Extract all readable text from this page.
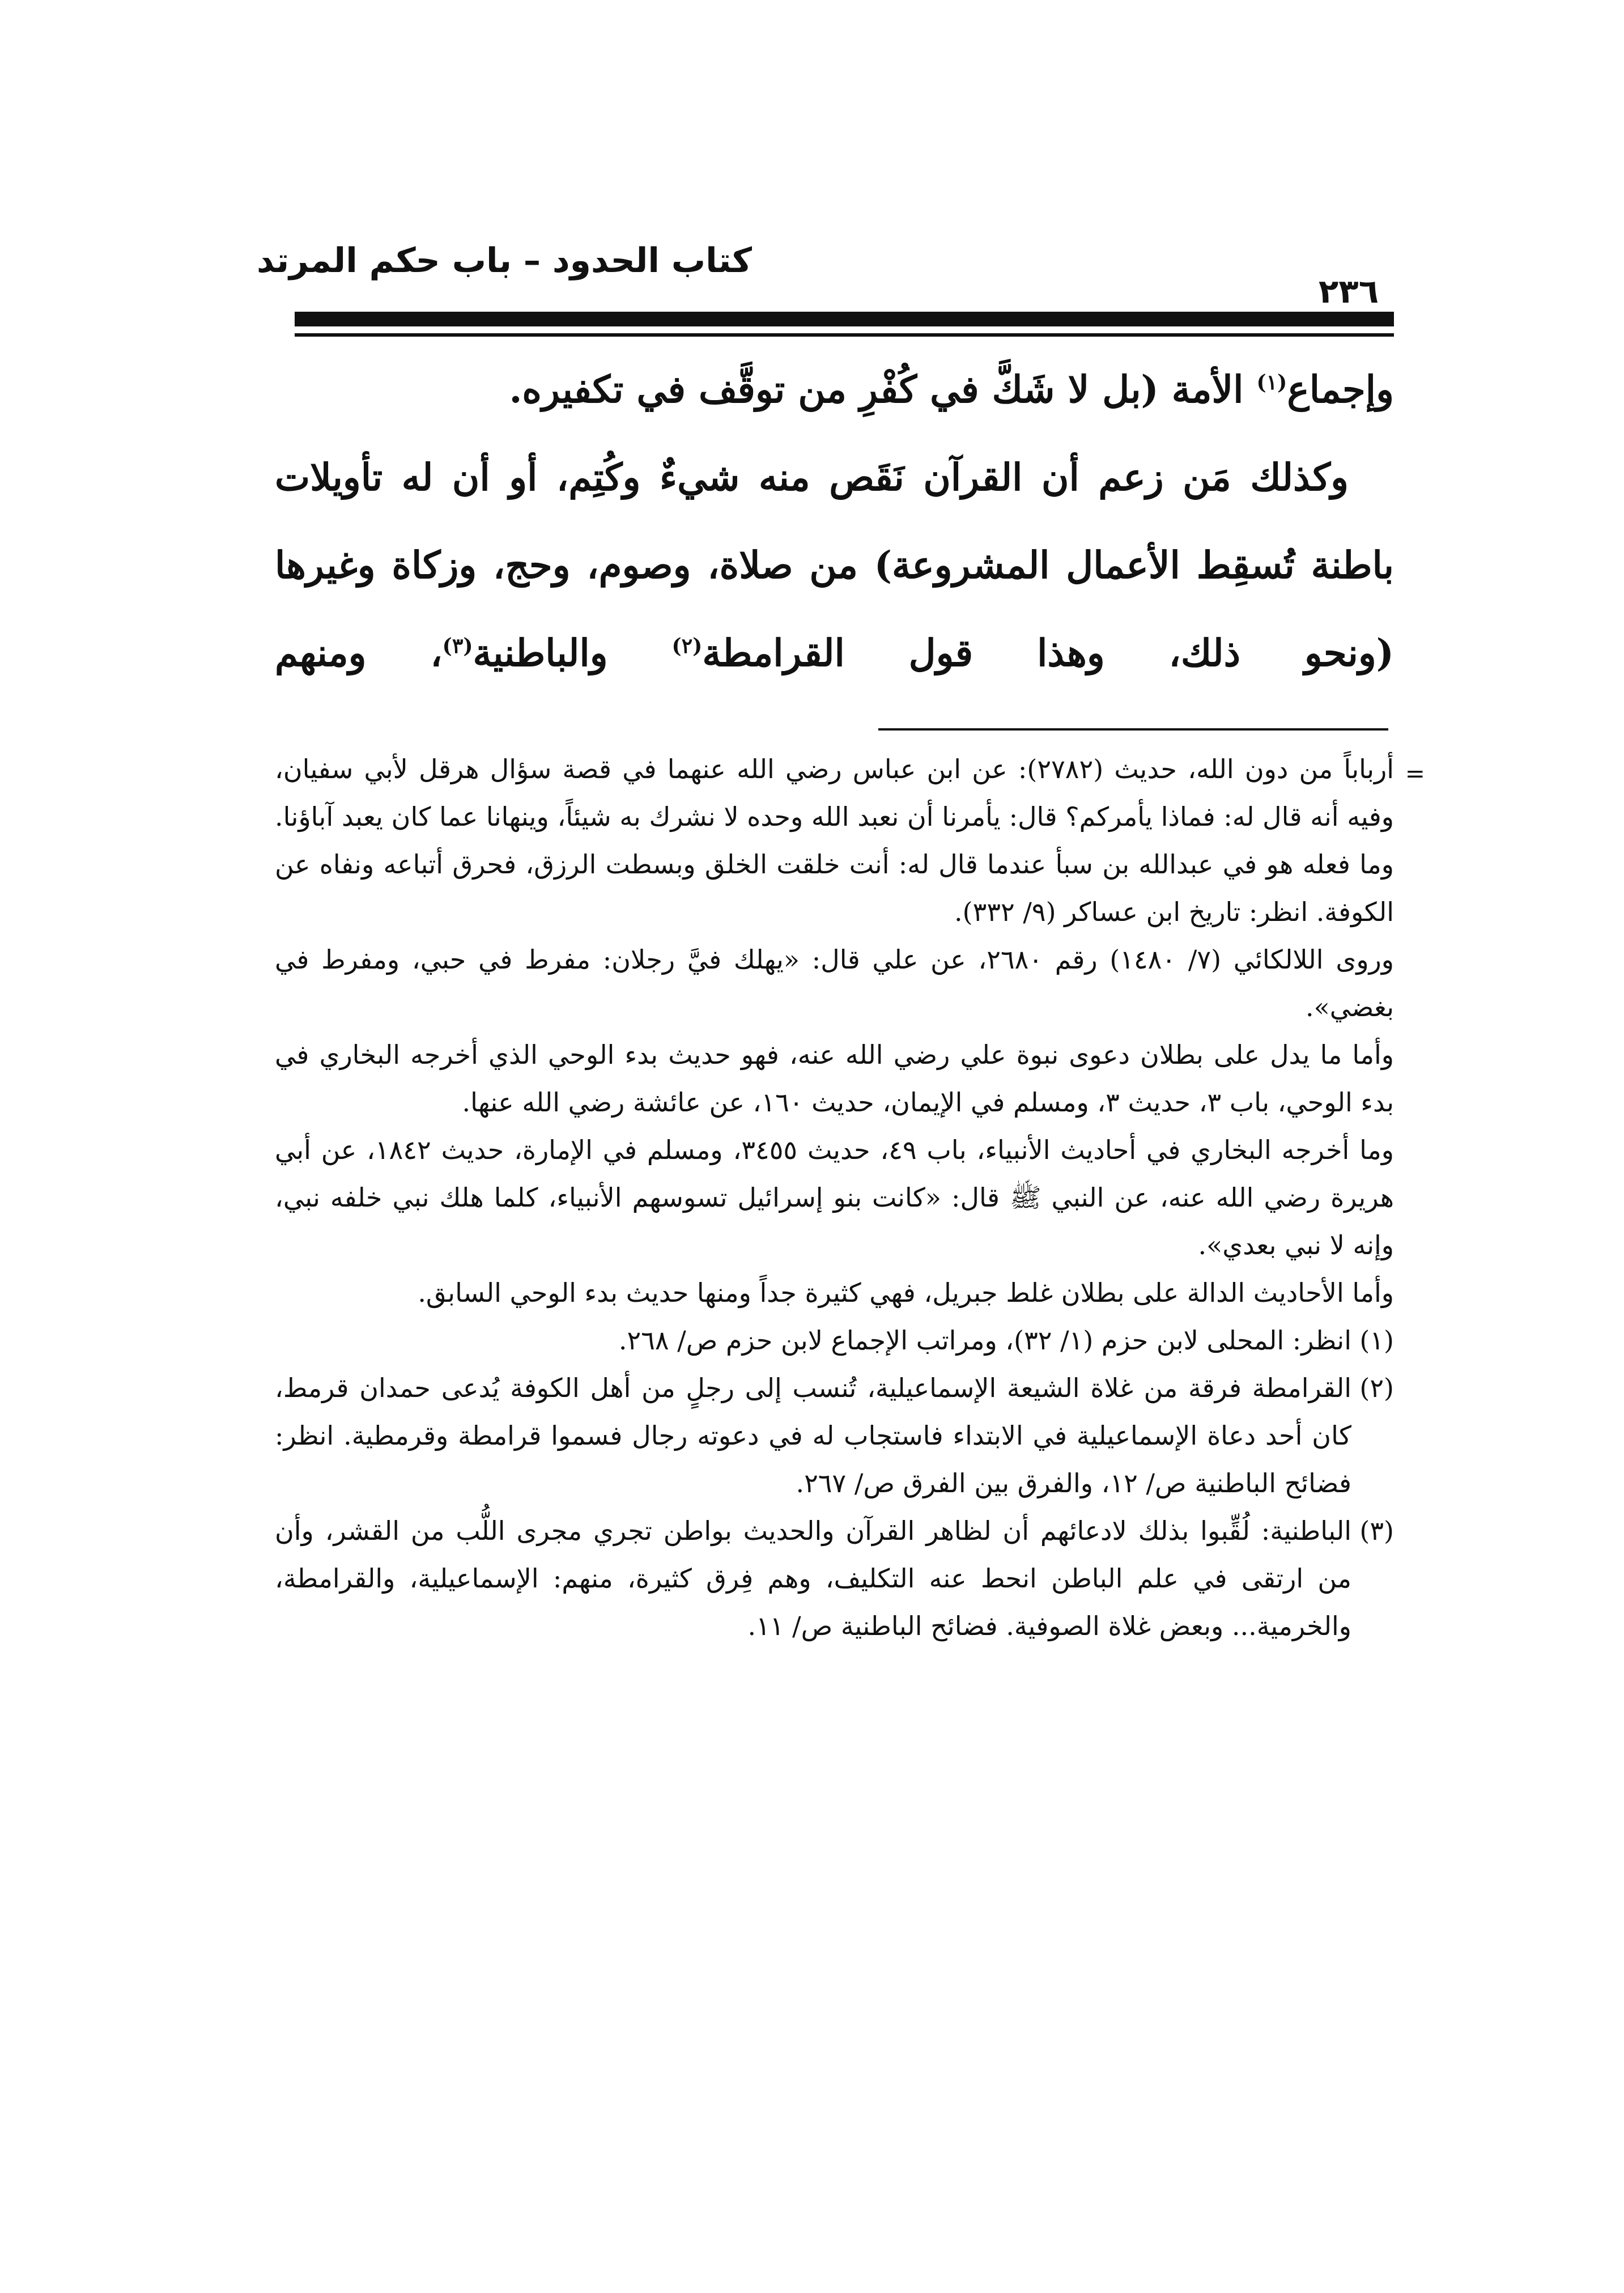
كتاب الحدود – باب حكم المرتد
٢٣٦

وإجماع$^{(١)}$ الأمة (بل لا شَكَّ في كُفْرِ من توقَّف في تكفيره.

وكذلك مَن زعم أن القرآن نَقَص منه شيءٌ وكُتِم، أو أن له تأويلات باطنة تُسقِط الأعمال المشروعة) من صلاة، وصوم، وحج، وزكاة وغيرها (ونحو ذلك، وهذا قول القرامطة$^{(٢)}$ والباطنية$^{(٣)}$، ومنهم

=

أرباباً من دون الله، حديث (٢٧٨٢): عن ابن عباس رضي الله عنهما في قصة سؤال هرقل لأبي سفيان، وفيه أنه قال له: فماذا يأمركم؟ قال: يأمرنا أن نعبد الله وحده لا نشرك به شيئاً، وينهانا عما كان يعبد آباؤنا. وما فعله هو في عبدالله بن سبأ عندما قال له: أنت خلقت الخلق وبسطت الرزق، فحرق أتباعه ونفاه عن الكوفة. انظر: تاريخ ابن عساكر (٩/ ٣٣٢).

وروى اللالكائي (٧/ ١٤٨٠) رقم ٢٦٨٠، عن علي قال: «يهلك فيَّ رجلان: مفرط في حبي، ومفرط في بغضي».

وأما ما يدل على بطلان دعوى نبوة علي رضي الله عنه، فهو حديث بدء الوحي الذي أخرجه البخاري في بدء الوحي، باب ٣، حديث ٣، ومسلم في الإيمان، حديث ١٦٠، عن عائشة رضي الله عنها.

وما أخرجه البخاري في أحاديث الأنبياء، باب ٤٩، حديث ٣٤٥٥، ومسلم في الإمارة، حديث ١٨٤٢، عن أبي هريرة رضي الله عنه، عن النبي ﷺ قال: «كانت بنو إسرائيل تسوسهم الأنبياء، كلما هلك نبي خلفه نبي، وإنه لا نبي بعدي».

وأما الأحاديث الدالة على بطلان غلط جبريل، فهي كثيرة جداً ومنها حديث بدء الوحي السابق.

(١)
انظر: المحلى لابن حزم (١/ ٣٢)، ومراتب الإجماع لابن حزم ص/ ٢٦٨.

(٢)
القرامطة فرقة من غلاة الشيعة الإسماعيلية، تُنسب إلى رجلٍ من أهل الكوفة يُدعى حمدان قرمط، كان أحد دعاة الإسماعيلية في الابتداء فاستجاب له في دعوته رجال فسموا قرامطة وقرمطية. انظر: فضائح الباطنية ص/ ١٢، والفرق بين الفرق ص/ ٢٦٧.

(٣)
الباطنية: لُقِّبوا بذلك لادعائهم أن لظاهر القرآن والحديث بواطن تجري مجرى اللُّب من القشر، وأن من ارتقى في علم الباطن انحط عنه التكليف، وهم فِرق كثيرة، منهم: الإسماعيلية، والقرامطة، والخرمية... وبعض غلاة الصوفية. فضائح الباطنية ص/ ١١.
